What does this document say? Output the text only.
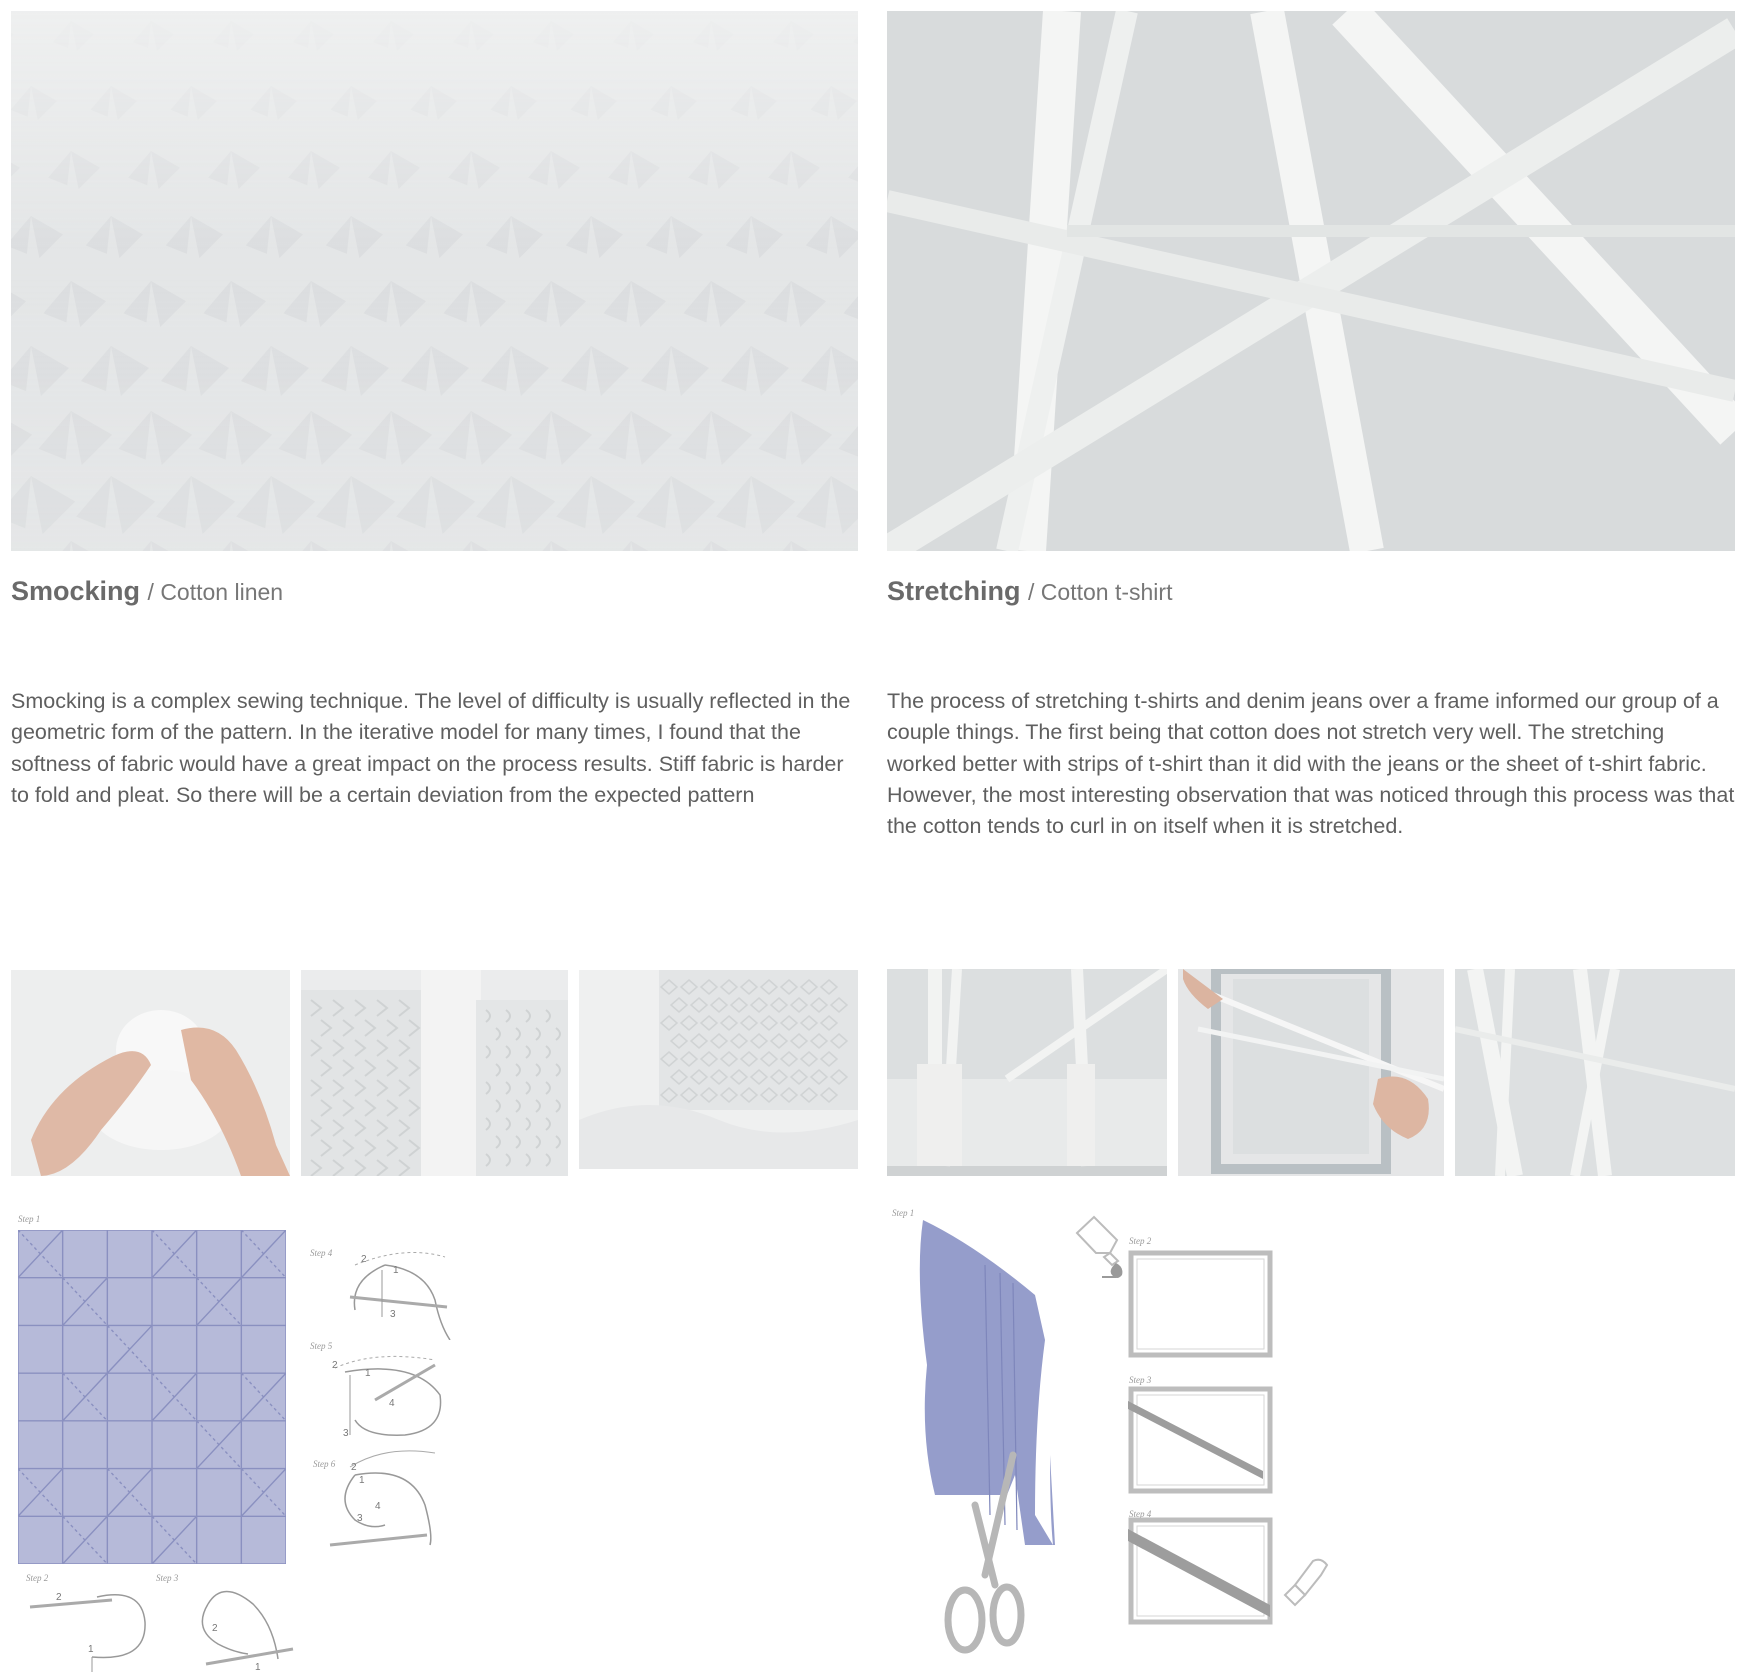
Smocking / Cotton linen	Stretching / Cotton t-shirt
Smocking is a complex sewing technique. The level of difficulty is usually reflected in the geometric form of the pattern. In the iterative model for many times, I found that the softness of fabric would have a great impact on the process results. Stiff fabric is harder to fold and pleat. So there will be a certain deviation from the expected pattern
The process of stretching t-shirts and denim jeans over a frame informed our group of a couple things. The first being that cotton does not stretch very well. The stretching worked better with strips of t-shirt than it did with the jeans or the sheet of t-shirt fabric. However, the most interesting observation that was noticed through this process was that the cotton tends to curl in on itself when it is stretched.
Step 1
Step 2
2
1
Step 3
2
1
Step 4
2
1
3
Step 5
2
1
4
3
Step 6 2
1
4
3
Step 1
Step 2
Step 3
Step 4
